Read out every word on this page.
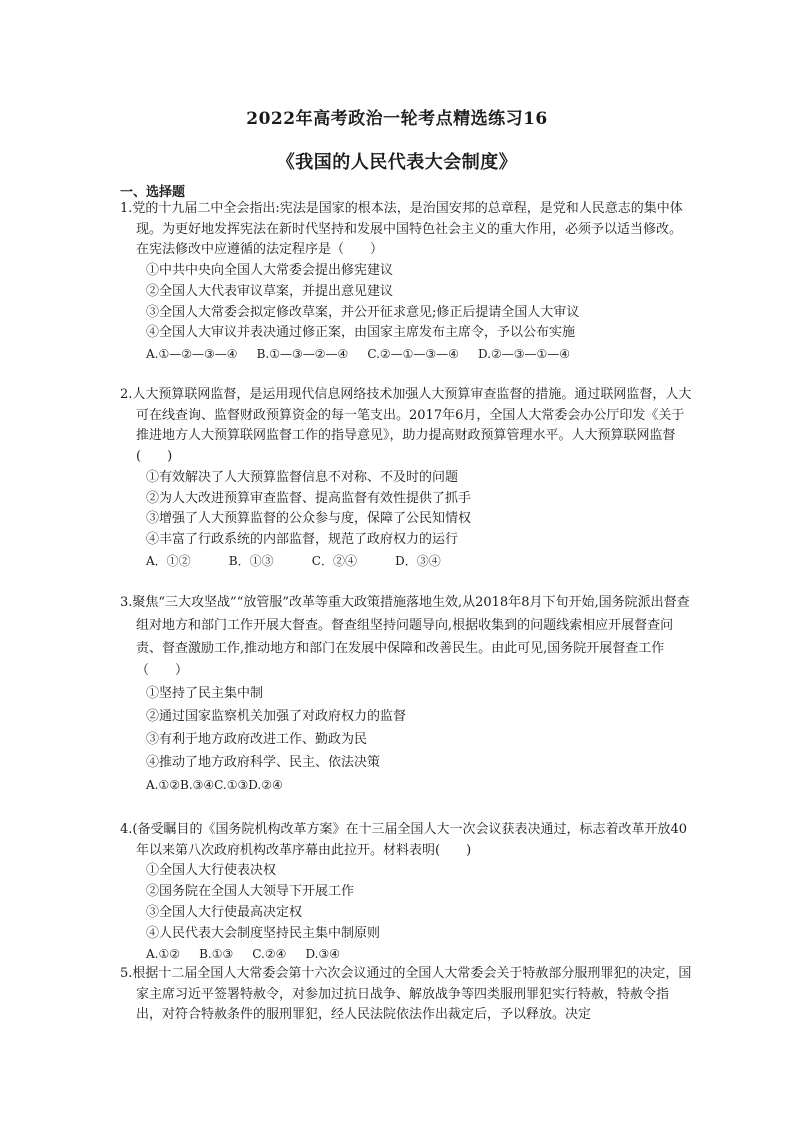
2022年高考政治一轮考点精选练习16
《我国的人民代表大会制度》
一、选择题

1.党的十九届二中全会指出:宪法是国家的根本法，是治国安邦的总章程，是党和人民意志的集中体现。为更好地发挥宪法在新时代坚持和发展中国特色社会主义的重大作用，必须予以适当修改。在宪法修改中应遵循的法定程序是（　　）

①中共中央向全国人大常委会提出修宪建议

②全国人大代表审议草案，并提出意见建议

③全国人大常委会拟定修改草案，并公开征求意见;修正后提请全国人大审议

④全国人大审议并表决通过修正案，由国家主席发布主席令，予以公布实施

A.①—②—③—④     B.①—③—②—④     C.②—①—③—④     D.②—③—①—④

2.人大预算联网监督，是运用现代信息网络技术加强人大预算审查监督的措施。通过联网监督，人大可在线查询、监督财政预算资金的每一笔支出。2017年6月，全国人大常委会办公厅印发《关于推进地方人大预算联网监督工作的指导意见》，助力提高财政预算管理水平。人大预算联网监督(　　)

①有效解决了人大预算监督信息不对称、不及时的问题

②为人大改进预算审查监督、提高监督有效性提供了抓手

③增强了人大预算监督的公众参与度，保障了公民知情权

④丰富了行政系统的内部监督，规范了政府权力的运行

A．①②          B．①③          C．②④          D．③④

3.聚焦“三大攻坚战”“放管服”改革等重大政策措施落地生效,从2018年8月下旬开始,国务院派出督查组对地方和部门工作开展大督查。督查组坚持问题导向,根据收集到的问题线索相应开展督查问责、督查激励工作,推动地方和部门在发展中保障和改善民生。由此可见,国务院开展督查工作（　　）

①坚持了民主集中制

②通过国家监察机关加强了对政府权力的监督

③有利于地方政府改进工作、勤政为民

④推动了地方政府科学、民主、依法决策

A.①②B.③④C.①③D.②④

4.(备受瞩目的《国务院机构改革方案》在十三届全国人大一次会议获表决通过，标志着改革开放40年以来第八次政府机构改革序幕由此拉开。材料表明(　　)

①全国人大行使表决权

②国务院在全国人大领导下开展工作

③全国人大行使最高决定权

④人民代表大会制度坚持民主集中制原则

A.①②     B.①③     C.②④     D.③④

5.根据十二届全国人大常委会第十六次会议通过的全国人大常委会关于特赦部分服刑罪犯的决定，国家主席习近平签署特赦令，对参加过抗日战争、解放战争等四类服刑罪犯实行特赦，特赦令指出，对符合特赦条件的服刑罪犯，经人民法院依法作出裁定后，予以释放。决定
